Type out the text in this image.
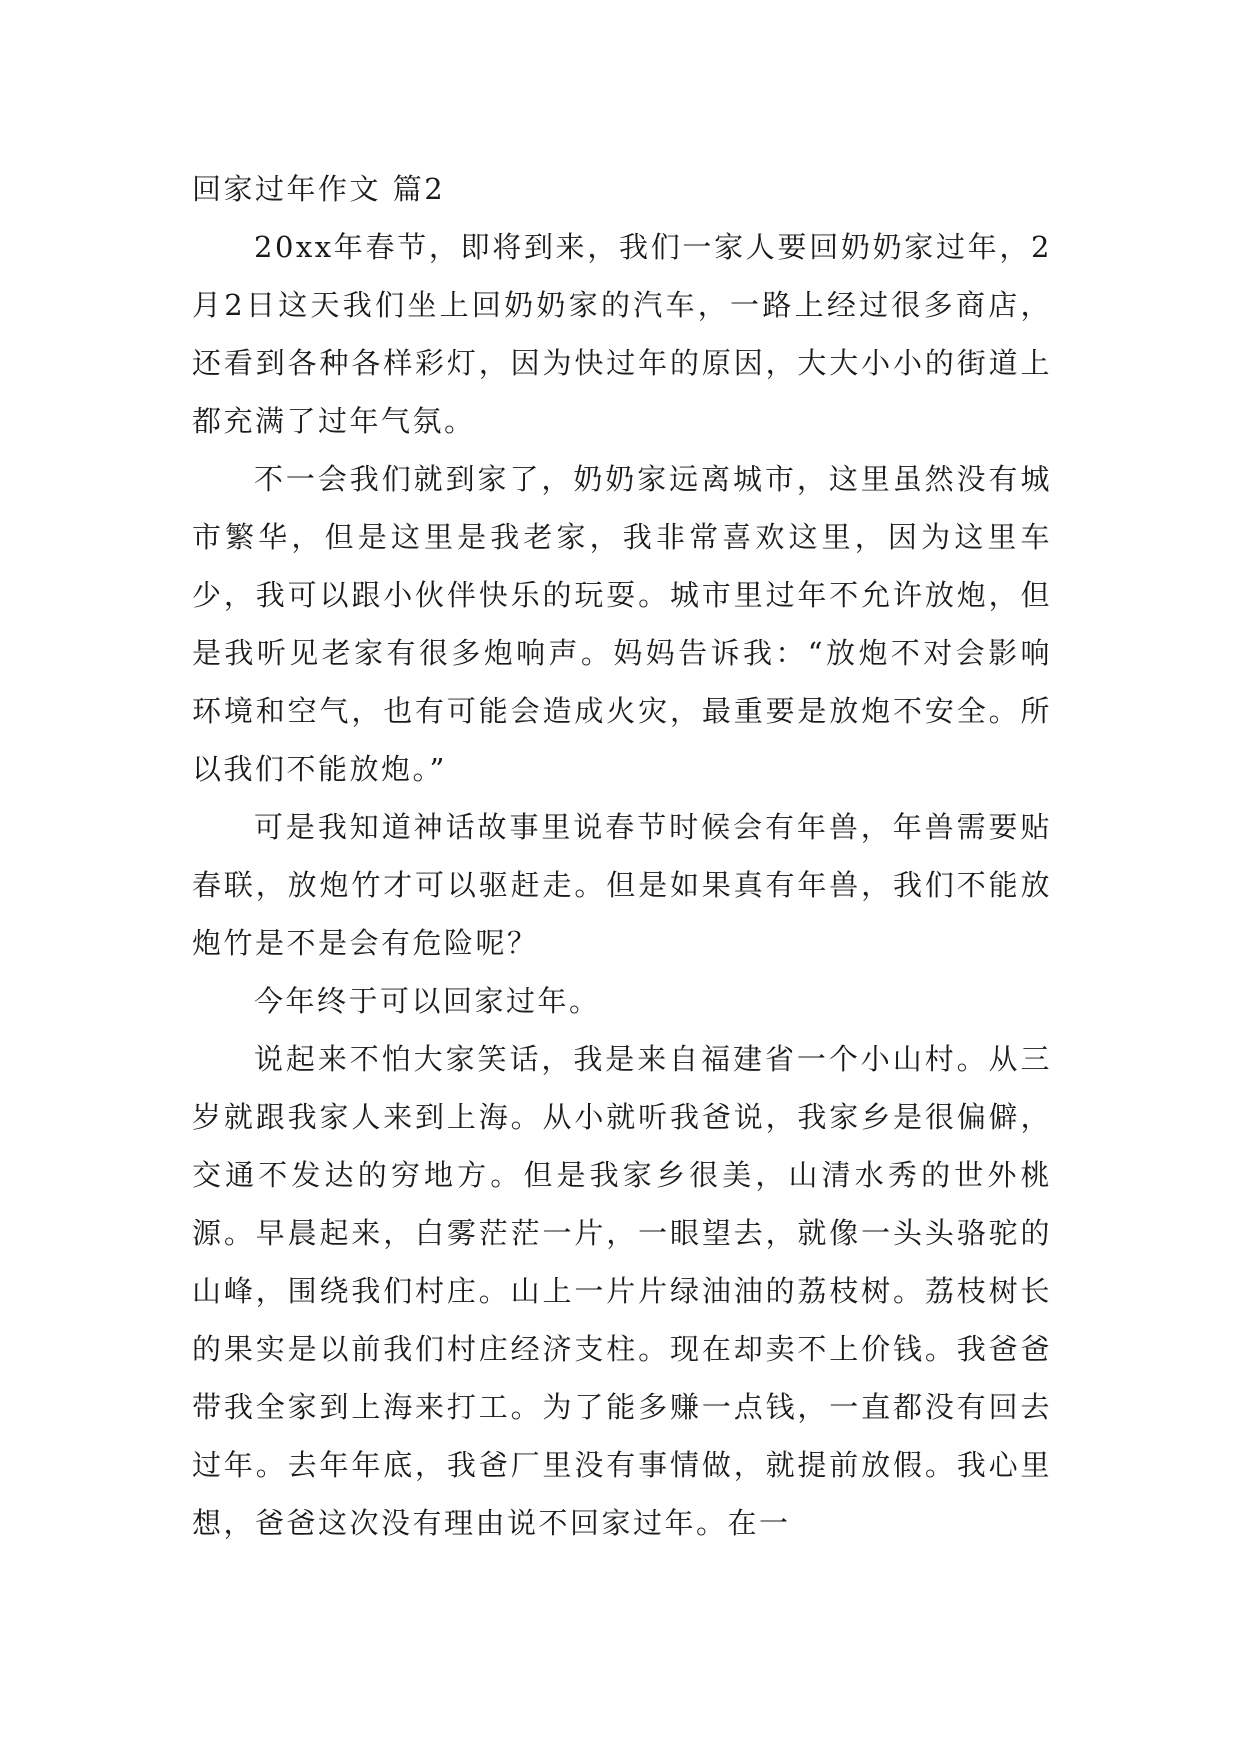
回家过年作文 篇2

20xx年春节，即将到来，我们一家人要回奶奶家过年，2月2日这天我们坐上回奶奶家的汽车，一路上经过很多商店，还看到各种各样彩灯，因为快过年的原因，大大小小的街道上都充满了过年气氛。

不一会我们就到家了，奶奶家远离城市，这里虽然没有城市繁华，但是这里是我老家，我非常喜欢这里，因为这里车少，我可以跟小伙伴快乐的玩耍。城市里过年不允许放炮，但是我听见老家有很多炮响声。妈妈告诉我：“放炮不对会影响环境和空气，也有可能会造成火灾，最重要是放炮不安全。所以我们不能放炮。”

可是我知道神话故事里说春节时候会有年兽，年兽需要贴春联，放炮竹才可以驱赶走。但是如果真有年兽，我们不能放炮竹是不是会有危险呢？

今年终于可以回家过年。

说起来不怕大家笑话，我是来自福建省一个小山村。从三岁就跟我家人来到上海。从小就听我爸说，我家乡是很偏僻，交通不发达的穷地方。但是我家乡很美，山清水秀的世外桃源。早晨起来，白雾茫茫一片，一眼望去，就像一头头骆驼的山峰，围绕我们村庄。山上一片片绿油油的荔枝树。荔枝树长的果实是以前我们村庄经济支柱。现在却卖不上价钱。我爸爸带我全家到上海来打工。为了能多赚一点钱，一直都没有回去过年。去年年底，我爸厂里没有事情做，就提前放假。我心里想，爸爸这次没有理由说不回家过年。在一
